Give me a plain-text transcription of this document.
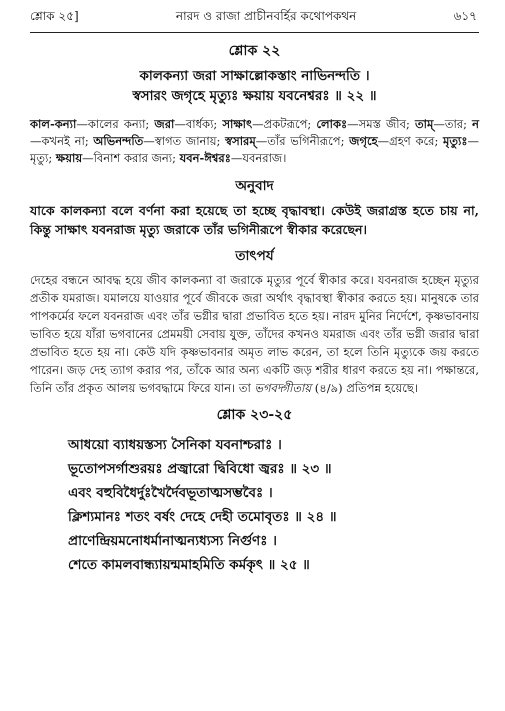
শ্লোক ২৫]	নারদ ও রাজা প্রাচীনবর্হির কথোপকথন	৬১৭
শ্লোক ২২
কালকন্যা জরা সাক্ষাল্লোকস্তাং নাভিনন্দতি ।
স্বসারং জগৃহে মৃত্যুঃ ক্ষয়ায় যবনেশ্বরঃ ॥ ২২ ॥
কাল-কন্যা—কালের কন্যা; জরা—বার্ধক্য; সাক্ষাৎ—প্রকটরূপে; লোকঃ—সমস্ত জীব; তাম্—তার; ন—কখনই না; অভিনন্দতি—স্বাগত জানায়; স্বসারম্—তাঁর ভগিনীরূপে; জগৃহে—গ্রহণ করে; মৃত্যুঃ—মৃত্যু; ক্ষয়ায়—বিনাশ করার জন্য; যবন-ঈশ্বরঃ—যবনরাজ।
অনুবাদ
যাকে কালকন্যা বলে বর্ণনা করা হয়েছে তা হচ্ছে বৃদ্ধাবস্থা। কেউই জরাগ্রস্ত হতে চায় না, কিন্তু সাক্ষাৎ যবনরাজ মৃত্যু জরাকে তাঁর ভগিনীরূপে স্বীকার করেছেন।
তাৎপর্য
দেহের বন্ধনে আবদ্ধ হয়ে জীব কালকন্যা বা জরাকে মৃত্যুর পূর্বে স্বীকার করে। যবনরাজ হচ্ছেন মৃত্যুর প্রতীক যমরাজ। যমালয়ে যাওয়ার পূর্বে জীবকে জরা অর্থাৎ বৃদ্ধাবস্থা স্বীকার করতে হয়। মানুষকে তার পাপকর্মের ফলে যবনরাজ এবং তাঁর ভগ্নীর দ্বারা প্রভাবিত হতে হয়। নারদ মুনির নির্দেশে, কৃষ্ণভাবনায় ভাবিত হয়ে যাঁরা ভগবানের প্রেমময়ী সেবায় যুক্ত, তাঁদের কখনও যমরাজ এবং তাঁর ভগ্নী জরার দ্বারা প্রভাবিত হতে হয় না। কেউ যদি কৃষ্ণভাবনার অমৃত লাভ করেন, তা হলে তিনি মৃত্যুকে জয় করতে পারেন। জড় দেহ ত্যাগ করার পর, তাঁকে আর অন্য একটি জড় শরীর ধারণ করতে হয় না। পক্ষান্তরে, তিনি তাঁর প্রকৃত আলয় ভগবদ্ধামে ফিরে যান। তা ভগবদ্গীতায় (৪/৯) প্রতিপন্ন হয়েছে।
শ্লোক ২৩-২৫
আধয়ো ব্যাধয়স্তস্য সৈনিকা যবনাশ্চরাঃ ।
ভূতোপসর্গাশুরয়ঃ প্রজ্বারো দ্বিবিধো জ্বরঃ ॥ ২৩ ॥
এবং বহুবিধৈর্দুঃখৈর্দৈবভূতাত্মসম্ভবৈঃ ।
ক্লিশ্যমানঃ শতং বর্ষং দেহে দেহী তমোবৃতঃ ॥ ২৪ ॥
প্রাণেন্দ্রিয়মনোধর্মানাত্মন্যধ্যস্য নির্গুণঃ ।
শেতে কামলবান্ধ্যায়ন্মমাহমিতি কর্মকৃৎ ॥ ২৫ ॥
